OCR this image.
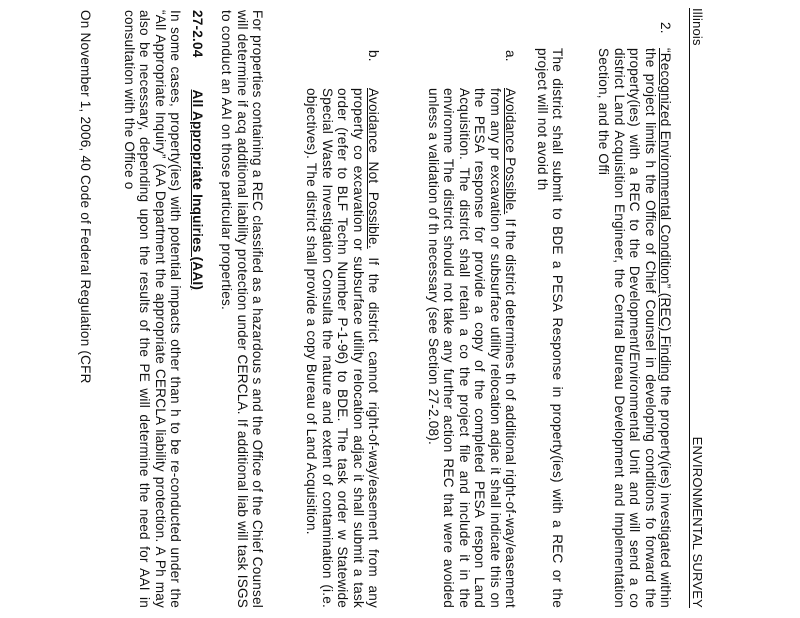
Illinois
ENVIRONMENTAL SURVEY
2.
“Recognized Environmental Condition” (REC) Finding the property(ies) investigated within the project limits h the Office of Chief Counsel in developing conditions fo forward the property(ies) with a REC to the Development/Environmental Unit and will send a co district Land Acquisition Engineer, the Central Bureau Development and Implementation Section, and the Offi
The district shall submit to BDE a PESA Response in property(ies) with a REC or the project will not avoid th
a.
Avoidance Possible. If the district determines th of additional right-of-way/easement from any pr excavation or subsurface utility relocation adjac it shall indicate this on the PESA response for provide a copy of the completed PESA respon Land Acquisition. The district shall retain a co the project file and include it in the environme The district should not take any further action REC that were avoided unless a validation of th necessary (see Section 27-2.08).
b.
Avoidance Not Possible. If the district cannot right-of-way/easement from any property co excavation or subsurface utility relocation adjac it shall submit a task order (refer to BLF Techn Number P-1-96) to BDE. The task order w Statewide Special Waste Investigation Consulta the nature and extent of contamination (i.e. objectives). The district shall provide a copy Bureau of Land Acquisition.
For properties containing a REC classified as a hazardous s and the Office of the Chief Counsel will determine if acq additional liability protection under CERCLA. If additional liab will task ISGS to conduct an AAI on those particular properties.
27-2.04 All Appropriate Inquiries (AAI)
In some cases, property(ies) with potential impacts other than h to be re-conducted under the “All Appropriate Inquiry” (AA Department the appropriate CERCLA liability protection. A Ph may also be necessary, depending upon the results of the PE will determine the need for AAI in consultation with the Office o
On November 1, 2006, 40 Code of Federal Regulation (CFR
